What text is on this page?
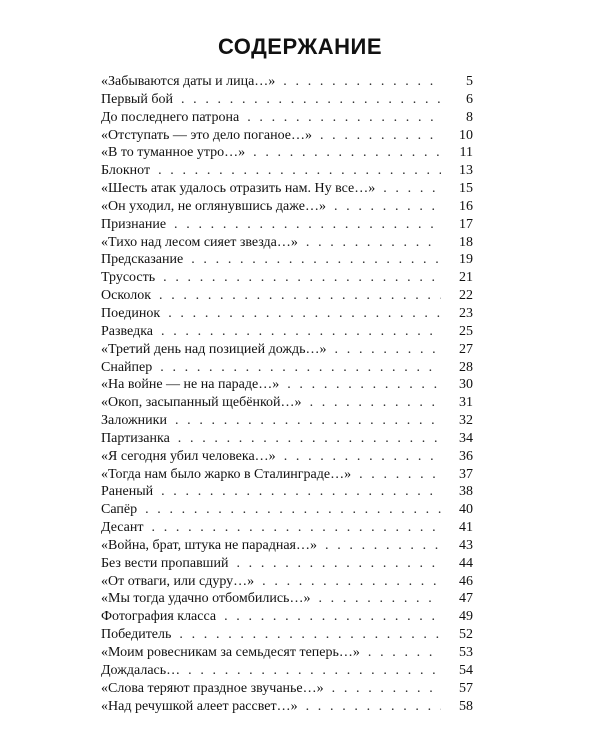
СОДЕРЖАНИЕ
«Забываются даты и лица…» . . .	5
Первый бой . . .	6
До последнего патрона . . .	8
«Отступать — это дело поганое…» . . .	10
«В то туманное утро…» . . .	11
Блокнот . . .	13
«Шесть атак удалось отразить нам. Ну все…» . . .	15
«Он уходил, не оглянувшись даже…» . . .	16
Признание . . .	17
«Тихо над лесом сияет звезда…» . . .	18
Предсказание . . .	19
Трусость . . .	21
Осколок . . .	22
Поединок . . .	23
Разведка . . .	25
«Третий день над позицией дождь…» . . .	27
Снайпер . . .	28
«На войне — не на параде…» . . .	30
«Окоп, засыпанный щебёнкой…» . . .	31
Заложники . . .	32
Партизанка . . .	34
«Я сегодня убил человека…» . . .	36
«Тогда нам было жарко в Сталинграде…» . . .	37
Раненый . . .	38
Сапёр . . .	40
Десант . . .	41
«Война, брат, штука не парадная…» . . .	43
Без вести пропавший . . .	44
«От отваги, или сдуру…» . . .	46
«Мы тогда удачно отбомбились…» . . .	47
Фотография класса . . .	49
Победитель . . .	52
«Моим ровесникам за семьдесят теперь…» . . .	53
Дождалась… . . .	54
«Слова теряют праздное звучанье…» . . .	57
«Над речушкой алеет рассвет…» . . .	58
